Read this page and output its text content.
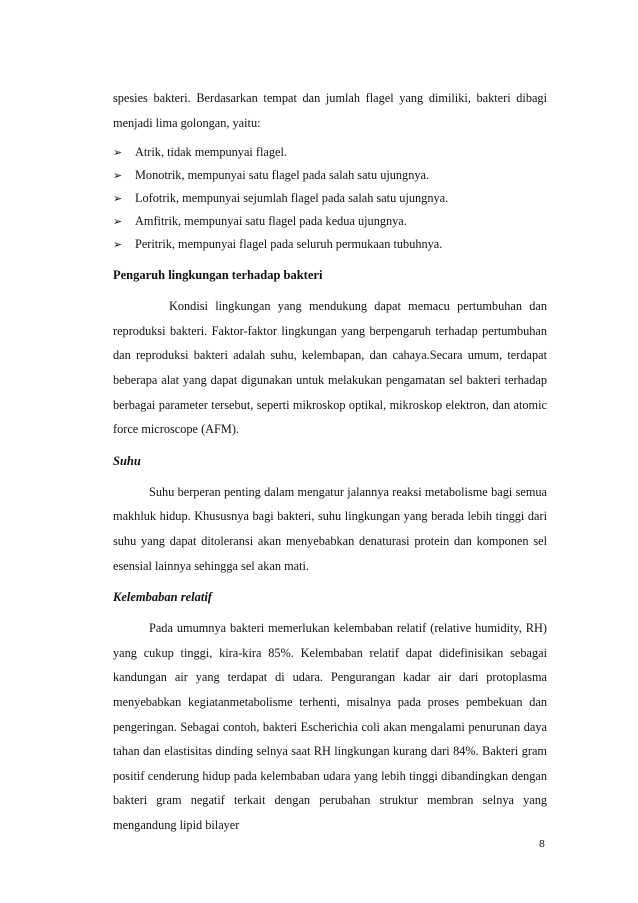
spesies bakteri. Berdasarkan tempat dan jumlah flagel yang dimiliki, bakteri dibagi menjadi lima golongan, yaitu:

➢ Atrik, tidak mempunyai flagel.
➢ Monotrik, mempunyai satu flagel pada salah satu ujungnya.
➢ Lofotrik, mempunyai sejumlah flagel pada salah satu ujungnya.
➢ Amfitrik, mempunyai satu flagel pada kedua ujungnya.
➢ Peritrik, mempunyai flagel pada seluruh permukaan tubuhnya.
Pengaruh lingkungan terhadap bakteri

Kondisi lingkungan yang mendukung dapat memacu pertumbuhan dan reproduksi bakteri. Faktor-faktor lingkungan yang berpengaruh terhadap pertumbuhan dan reproduksi bakteri adalah suhu, kelembapan, dan cahaya.Secara umum, terdapat beberapa alat yang dapat digunakan untuk melakukan pengamatan sel bakteri terhadap berbagai parameter tersebut, seperti mikroskop optikal, mikroskop elektron, dan atomic force microscope (AFM).

Suhu

Suhu berperan penting dalam mengatur jalannya reaksi metabolisme bagi semua makhluk hidup. Khususnya bagi bakteri, suhu lingkungan yang berada lebih tinggi dari suhu yang dapat ditoleransi akan menyebabkan denaturasi protein dan komponen sel esensial lainnya sehingga sel akan mati.

Kelembaban relatif

Pada umumnya bakteri memerlukan kelembaban relatif (relative humidity, RH) yang cukup tinggi, kira-kira 85%. Kelembaban relatif dapat didefinisikan sebagai kandungan air yang terdapat di udara. Pengurangan kadar air dari protoplasma menyebabkan kegiatanmetabolisme terhenti, misalnya pada proses pembekuan dan pengeringan. Sebagai contoh, bakteri Escherichia coli akan mengalami penurunan daya tahan dan elastisitas dinding selnya saat RH lingkungan kurang dari 84%. Bakteri gram positif cenderung hidup pada kelembaban udara yang lebih tinggi dibandingkan dengan bakteri gram negatif terkait dengan perubahan struktur membran selnya yang mengandung lipid bilayer

8
